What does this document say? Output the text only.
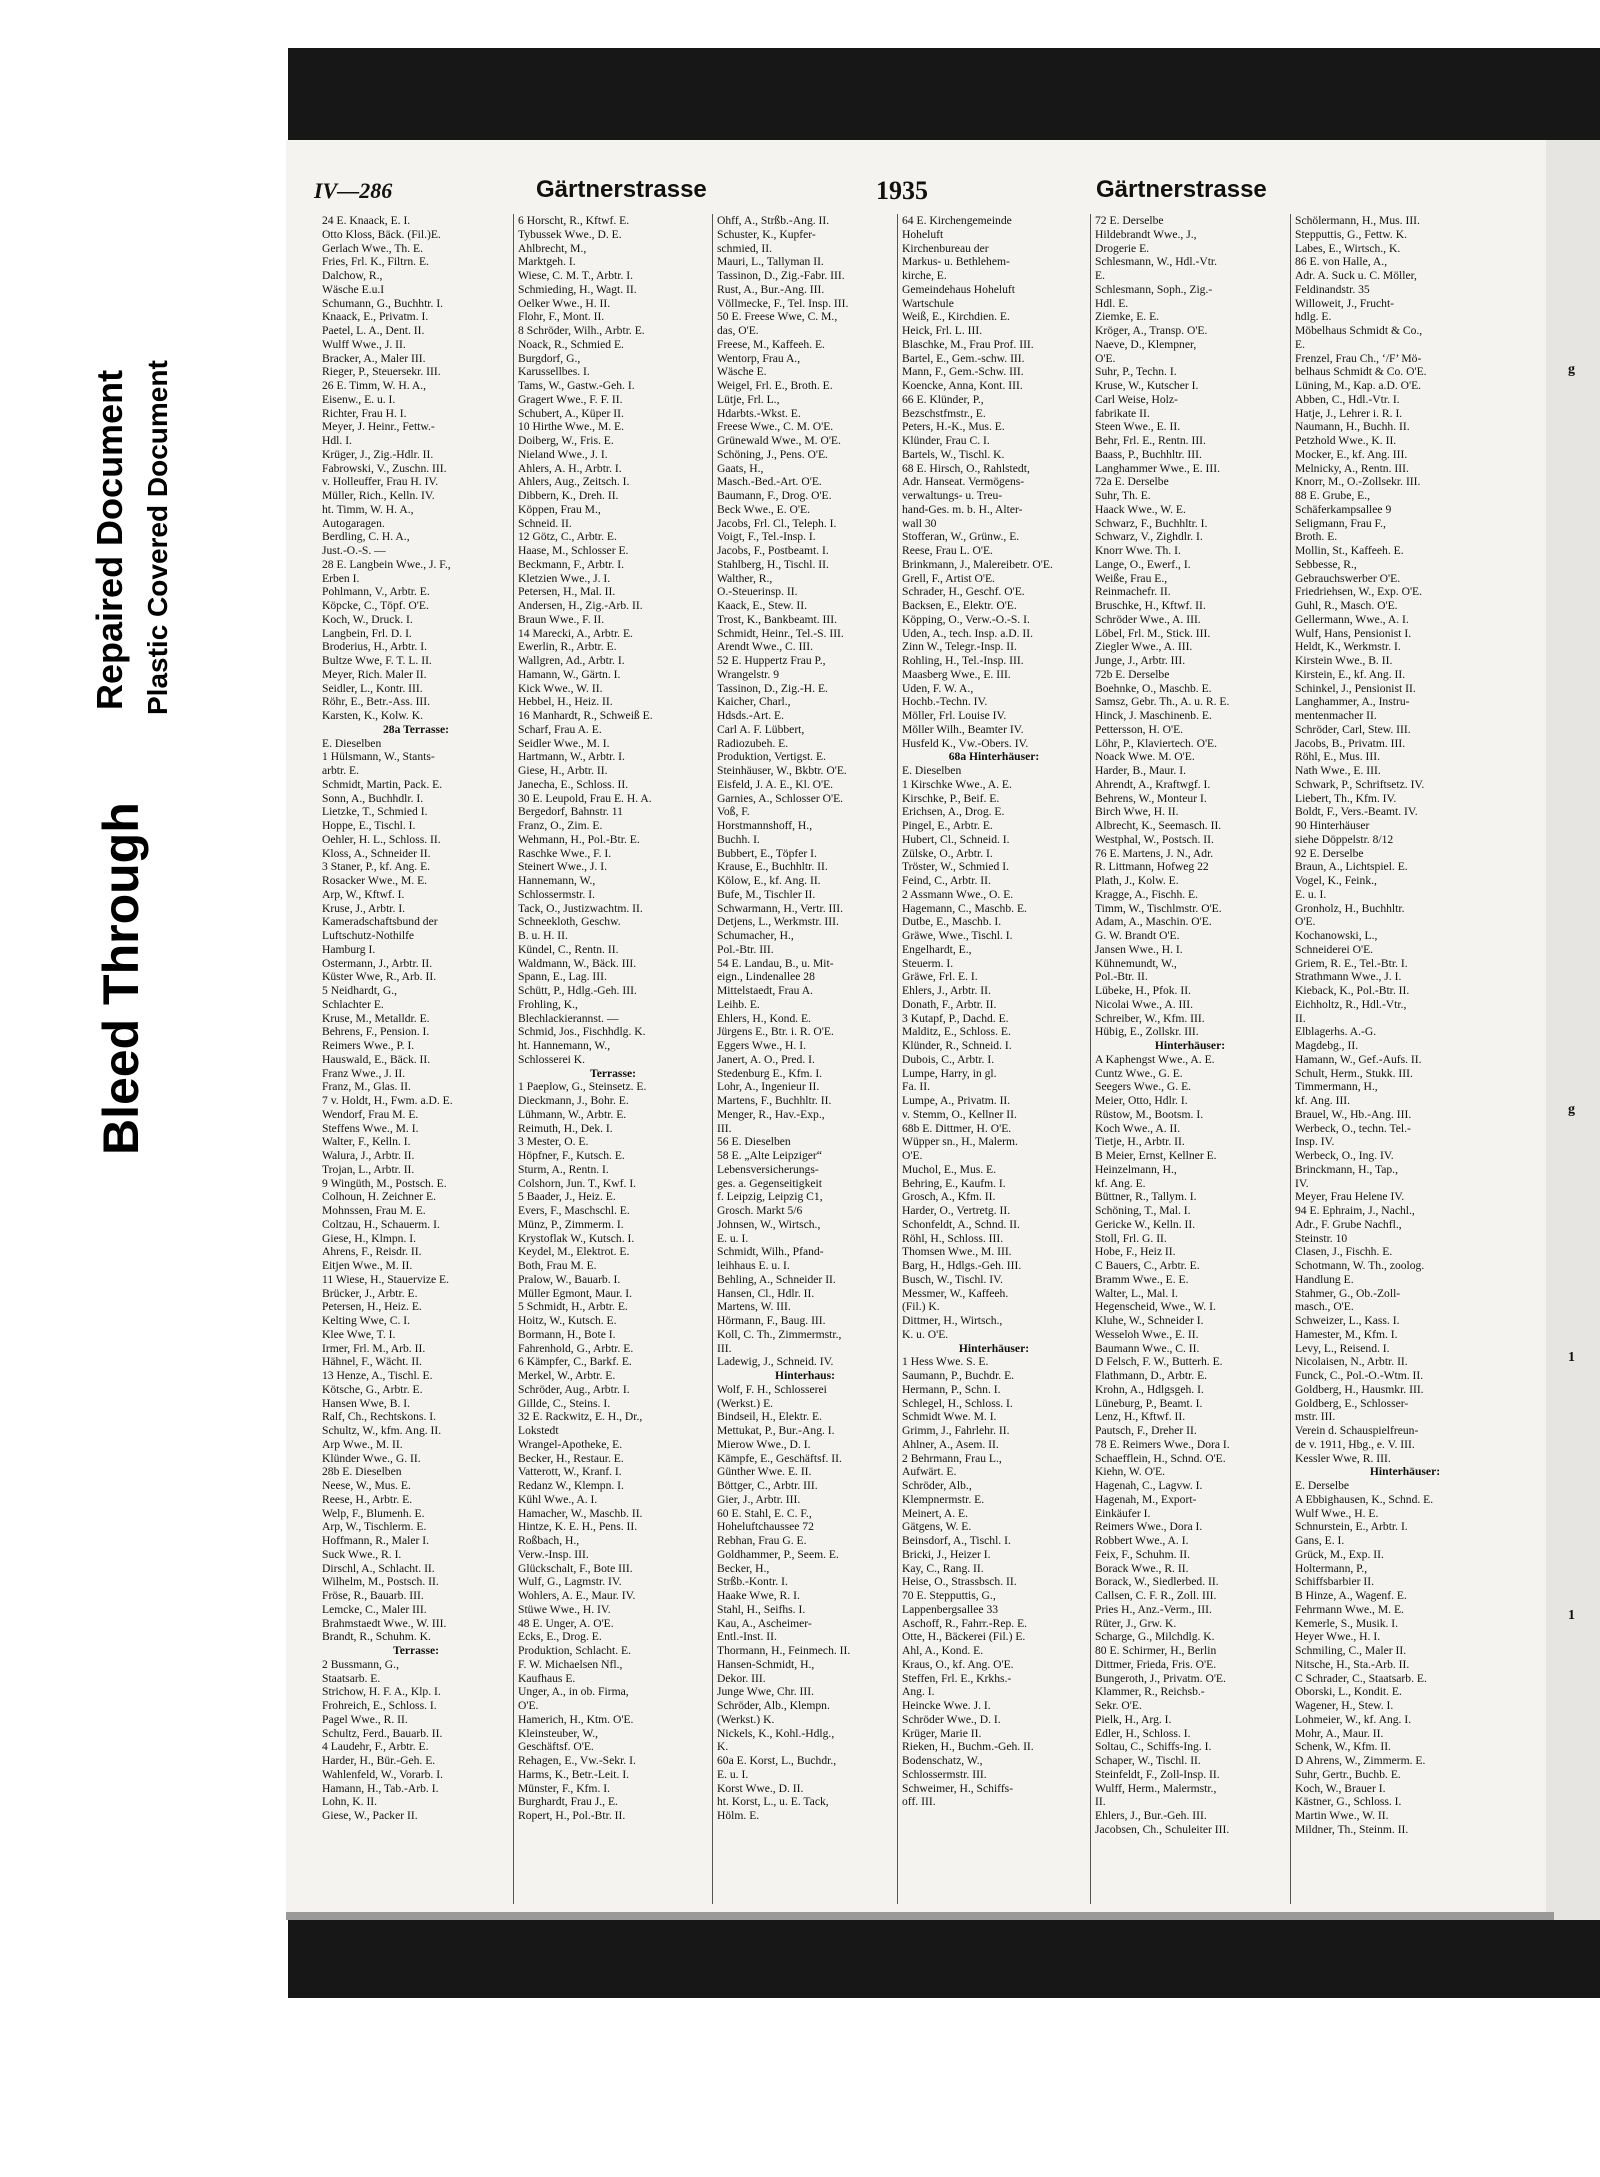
Bleed Through
Repaired Document Plastic Covered Document	g
g
1
1
IV—286	Gärtnerstrasse	1935	Gärtnerstrasse
24 E. Knaack, E. I.
Otto Kloss, Bäck. (Fil.)E.
Gerlach Wwe., Th. E.
Fries, Frl. K., Filtrn. E.
Dalchow, R.,
Wäsche E.u.I
Schumann, G., Buchhtr. I.
Knaack, E., Privatm. I.
Paetel, L. A., Dent. II.
Wulff Wwe., J. II.
Bracker, A., Maler III.
Rieger, P., Steuersekr. III.
26 E. Timm, W. H. A.,
Eisenw., E. u. I.
Richter, Frau H. I.
Meyer, J. Heinr., Fettw.-
Hdl. I.
Krüger, J., Zig.-Hdlr. II.
Fabrowski, V., Zuschn. III.
v. Holleuffer, Frau H. IV.
Müller, Rich., Kelln. IV.
ht. Timm, W. H. A.,
Autogaragen.
Berdling, C. H. A.,
Just.-O.-S. —
28 E. Langbein Wwe., J. F.,
Erben I.
Pohlmann, V., Arbtr. E.
Köpcke, C., Töpf. O'E.
Koch, W., Druck. I.
Langbein, Frl. D. I.
Broderius, H., Arbtr. I.
Bultze Wwe, F. T. L. II.
Meyer, Rich. Maler II.
Seidler, L., Kontr. III.
Röhr, E., Betr.-Ass. III.
Karsten, K., Kolw. K.
28a Terrasse:
E. Dieselben
1 Hülsmann, W., Stants-
arbtr. E.
Schmidt, Martin, Pack. E.
Sonn, A., Buchhdlr. I.
Lietzke, T., Schmied I.
Hoppe, E., Tischl. I.
Oehler, H. L., Schloss. II.
Kloss, A., Schneider II.
3 Staner, P., kf. Ang. E.
Rosacker Wwe., M. E.
Arp, W., Kftwf. I.
Kruse, J., Arbtr. I.
Kameradschaftsbund der
Luftschutz-Nothilfe
Hamburg I.
Ostermann, J., Arbtr. II.
Küster Wwe, R., Arb. II.
5 Neidhardt, G.,
Schlachter E.
Kruse, M., Metalldr. E.
Behrens, F., Pension. I.
Reimers Wwe., P. I.
Hauswald, E., Bäck. II.
Franz Wwe., J. II.
Franz, M., Glas. II.
7 v. Holdt, H., Fwm. a.D. E.
Wendorf, Frau M. E.
Steffens Wwe., M. I.
Walter, F., Kelln. I.
Walura, J., Arbtr. II.
Trojan, L., Arbtr. II.
9 Wingüth, M., Postsch. E.
Colhoun, H. Zeichner E.
Mohnssen, Frau M. E.
Coltzau, H., Schauerm. I.
Giese, H., Klmpn. I.
Ahrens, F., Reisdr. II.
Eitjen Wwe., M. II.
11 Wiese, H., Stauervize E.
Brücker, J., Arbtr. E.
Petersen, H., Heiz. E.
Kelting Wwe, C. I.
Klee Wwe, T. I.
Irmer, Frl. M., Arb. II.
Hähnel, F., Wächt. II.
13 Henze, A., Tischl. E.
Kötsche, G., Arbtr. E.
Hansen Wwe, B. I.
Ralf, Ch., Rechtskons. I.
Schultz, W., kfm. Ang. II.
Arp Wwe., M. II.
Klünder Wwe., G. II.
28b E. Dieselben
Neese, W., Mus. E.
Reese, H., Arbtr. E.
Welp, F., Blumenh. E.
Arp, W., Tischlerm. E.
Hoffmann, R., Maler I.
Suck Wwe., R. I.
Dirschl, A., Schlacht. II.
Wilhelm, M., Postsch. II.
Fröse, R., Bauarb. III.
Lemcke, C., Maler III.
Brahmstaedt Wwe., W. III.
Brandt, R., Schuhm. K.
Terrasse:
2 Bussmann, G.,
Staatsarb. E.
Strichow, H. F. A., Klp. I.
Frohreich, E., Schloss. I.
Pagel Wwe., R. II.
Schultz, Ferd., Bauarb. II.
4 Laudehr, F., Arbtr. E.
Harder, H., Bür.-Geh. E.
Wahlenfeld, W., Vorarb. I.
Hamann, H., Tab.-Arb. I.
Lohn, K. II.
Giese, W., Packer II.
6 Horscht, R., Kftwf. E.
Tybussek Wwe., D. E.
Ahlbrecht, M.,
Marktgeh. I.
Wiese, C. M. T., Arbtr. I.
Schmieding, H., Wagt. II.
Oelker Wwe., H. II.
Flohr, F., Mont. II.
8 Schröder, Wilh., Arbtr. E.
Noack, R., Schmied E.
Burgdorf, G.,
Karussellbes. I.
Tams, W., Gastw.-Geh. I.
Gragert Wwe., F. F. II.
Schubert, A., Küper II.
10 Hirthe Wwe., M. E.
Doiberg, W., Fris. E.
Nieland Wwe., J. I.
Ahlers, A. H., Arbtr. I.
Ahlers, Aug., Zeitsch. I.
Dibbern, K., Dreh. II.
Köppen, Frau M.,
Schneid. II.
12 Götz, C., Arbtr. E.
Haase, M., Schlosser E.
Beckmann, F., Arbtr. I.
Kletzien Wwe., J. I.
Petersen, H., Mal. II.
Andersen, H., Zig.-Arb. II.
Braun Wwe., F. II.
14 Marecki, A., Arbtr. E.
Ewerlin, R., Arbtr. E.
Wallgren, Ad., Arbtr. I.
Hamann, W., Gärtn. I.
Kick Wwe., W. II.
Hebbel, H., Heiz. II.
16 Manhardt, R., Schweiß E.
Scharf, Frau A. E.
Seidler Wwe., M. I.
Hartmann, W., Arbtr. I.
Giese, H., Arbtr. II.
Janecha, E., Schloss. II.
30 E. Leupold, Frau E. H. A.
Bergedorf, Bahnstr. 11
Franz, O., Zim. E.
Wehmann, H., Pol.-Btr. E.
Raschke Wwe., F. I.
Steinert Wwe., J. I.
Hannemann, W.,
Schlossermstr. I.
Tack, O., Justizwachtm. II.
Schneekloth, Geschw.
B. u. H. II.
Kündel, C., Rentn. II.
Waldmann, W., Bäck. III.
Spann, E., Lag. III.
Schütt, P., Hdlg.-Geh. III.
Frohling, K.,
Blechlackierannst. —
Schmid, Jos., Fischhdlg. K.
ht. Hannemann, W.,
Schlosserei K.
Terrasse:
1 Paeplow, G., Steinsetz. E.
Dieckmann, J., Bohr. E.
Lühmann, W., Arbtr. E.
Reimuth, H., Dek. I.
3 Mester, O. E.
Höpfner, F., Kutsch. E.
Sturm, A., Rentn. I.
Colshorn, Jun. T., Kwf. I.
5 Baader, J., Heiz. E.
Evers, F., Maschschl. E.
Münz, P., Zimmerm. I.
Krystoflak W., Kutsch. I.
Keydel, M., Elektrot. E.
Both, Frau M. E.
Pralow, W., Bauarb. I.
Müller Egmont, Maur. I.
5 Schmidt, H., Arbtr. E.
Hoitz, W., Kutsch. E.
Bormann, H., Bote I.
Fahrenhold, G., Arbtr. E.
6 Kämpfer, C., Barkf. E.
Merkel, W., Arbtr. E.
Schröder, Aug., Arbtr. I.
Gillde, C., Steins. I.
32 E. Rackwitz, E. H., Dr.,
Lokstedt
Wrangel-Apotheke, E.
Becker, H., Restaur. E.
Vatterott, W., Kranf. I.
Redanz W., Klempn. I.
Kühl Wwe., A. I.
Hamacher, W., Maschb. II.
Hintze, K. E. H., Pens. II.
Roßbach, H.,
Verw.-Insp. III.
Glückschalt, F., Bote III.
Wulf, G., Lagmstr. IV.
Wohlers, A. E., Maur. IV.
Stüwe Wwe., H. IV.
48 E. Unger, A. O'E.
Ecks, E., Drog. E.
Produktion, Schlacht. E.
F. W. Michaelsen Nfl.,
Kaufhaus E.
Unger, A., in ob. Firma,
O'E.
Hamerich, H., Ktm. O'E.
Kleinsteuber, W.,
Geschäftsf. O'E.
Rehagen, E., Vw.-Sekr. I.
Harms, K., Betr.-Leit. I.
Münster, F., Kfm. I.
Burghardt, Frau J., E.
Ropert, H., Pol.-Btr. II.
Ohff, A., Strßb.-Ang. II.
Schuster, K., Kupfer-
schmied, II.
Mauri, L., Tallyman II.
Tassinon, D., Zig.-Fabr. III.
Rust, A., Bur.-Ang. III.
Völlmecke, F., Tel. Insp. III.
50 E. Freese Wwe, C. M.,
das, O'E.
Freese, M., Kaffeeh. E.
Wentorp, Frau A.,
Wäsche E.
Weigel, Frl. E., Broth. E.
Lütje, Frl. L.,
Hdarbts.-Wkst. E.
Freese Wwe., C. M. O'E.
Grünewald Wwe., M. O'E.
Schöning, J., Pens. O'E.
Gaats, H.,
Masch.-Bed.-Art. O'E.
Baumann, F., Drog. O'E.
Beck Wwe., E. O'E.
Jacobs, Frl. Cl., Teleph. I.
Voigt, F., Tel.-Insp. I.
Jacobs, F., Postbeamt. I.
Stahlberg, H., Tischl. II.
Walther, R.,
O.-Steuerinsp. II.
Kaack, E., Stew. II.
Trost, K., Bankbeamt. III.
Schmidt, Heinr., Tel.-S. III.
Arendt Wwe., C. III.
52 E. Huppertz Frau P.,
Wrangelstr. 9
Tassinon, D., Zig.-H. E.
Kaicher, Charl.,
Hdsds.-Art. E.
Carl A. F. Lübbert,
Radiozubeh. E.
Produktion, Vertigst. E.
Steinhäuser, W., Bkbtr. O'E.
Eisfeld, J. A. E., Kl. O'E.
Garnies, A., Schlosser O'E.
Voß, F.
Horstmannshoff, H.,
Buchh. I.
Bubbert, E., Töpfer I.
Krause, E., Buchhltr. II.
Kölow, E., kf. Ang. II.
Bufe, M., Tischler II.
Schwarmann, H., Vertr. III.
Detjens, L., Werkmstr. III.
Schumacher, H.,
Pol.-Btr. III.
54 E. Landau, B., u. Mit-
eign., Lindenallee 28
Mittelstaedt, Frau A.
Leihb. E.
Ehlers, H., Kond. E.
Jürgens E., Btr. i. R. O'E.
Eggers Wwe., H. I.
Janert, A. O., Pred. I.
Stedenburg E., Kfm. I.
Lohr, A., Ingenieur II.
Martens, F., Buchhltr. II.
Menger, R., Hav.-Exp.,
III.
56 E. Dieselben
58 E. „Alte Leipziger“
Lebensversicherungs-
ges. a. Gegenseitigkeit
f. Leipzig, Leipzig C1,
Grosch. Markt 5/6
Johnsen, W., Wirtsch.,
E. u. I.
Schmidt, Wilh., Pfand-
leihhaus E. u. I.
Behling, A., Schneider II.
Hansen, Cl., Hdlr. II.
Martens, W. III.
Hörmann, F., Baug. III.
Koll, C. Th., Zimmermstr.,
III.
Ladewig, J., Schneid. IV.
Hinterhaus:
Wolf, F. H., Schlosserei
(Werkst.) E.
Bindseil, H., Elektr. E.
Mettukat, P., Bur.-Ang. I.
Mierow Wwe., D. I.
Kämpfe, E., Geschäftsf. II.
Günther Wwe. E. II.
Böttger, C., Arbtr. III.
Gier, J., Arbtr. III.
60 E. Stahl, E. C. F.,
Hoheluftchaussee 72
Rebhan, Frau G. E.
Goldhammer, P., Seem. E.
Becker, H.,
Strßb.-Kontr. I.
Haake Wwe, R. I.
Stahl, H., Seifhs. I.
Kau, A., Ascheimer-
Entl.-Inst. II.
Thormann, H., Feinmech. II.
Hansen-Schmidt, H.,
Dekor. III.
Junge Wwe, Chr. III.
Schröder, Alb., Klempn.
(Werkst.) K.
Nickels, K., Kohl.-Hdlg.,
K.
60a E. Korst, L., Buchdr.,
E. u. I.
Korst Wwe., D. II.
ht. Korst, L., u. E. Tack,
Hölm. E.
64 E. Kirchengemeinde
Hoheluft
Kirchenbureau der
Markus- u. Bethlehem-
kirche, E.
Gemeindehaus Hoheluft
Wartschule
Weiß, E., Kirchdien. E.
Heick, Frl. L. III.
Blaschke, M., Frau Prof. III.
Bartel, E., Gem.-schw. III.
Mann, F., Gem.-Schw. III.
Koencke, Anna, Kont. III.
66 E. Klünder, P.,
Bezschstfmstr., E.
Peters, H.-K., Mus. E.
Klünder, Frau C. I.
Bartels, W., Tischl. K.
68 E. Hirsch, O., Rahlstedt,
Adr. Hanseat. Vermögens-
verwaltungs- u. Treu-
hand-Ges. m. b. H., Alter-
wall 30
Stofferan, W., Grünw., E.
Reese, Frau L. O'E.
Brinkmann, J., Malereibetr. O'E.
Grell, F., Artist O'E.
Schrader, H., Geschf. O'E.
Backsen, E., Elektr. O'E.
Köpping, O., Verw.-O.-S. I.
Uden, A., tech. Insp. a.D. II.
Zinn W., Telegr.-Insp. II.
Rohling, H., Tel.-Insp. III.
Maasberg Wwe., E. III.
Uden, F. W. A.,
Hochb.-Techn. IV.
Möller, Frl. Louise IV.
Möller Wilh., Beamter IV.
Husfeld K., Vw.-Obers. IV.
68a Hinterhäuser:
E. Dieselben
1 Kirschke Wwe., A. E.
Kirschke, P., Beif. E.
Erichsen, A., Drog. E.
Pingel, E., Arbtr. E.
Hubert, Cl., Schneid. I.
Zülske, O., Arbtr. I.
Tröster, W., Schmied I.
Feind, C., Arbtr. II.
2 Assmann Wwe., O. E.
Hagemann, C., Maschb. E.
Dutbe, E., Maschb. I.
Gräwe, Wwe., Tischl. I.
Engelhardt, E.,
Steuerm. I.
Gräwe, Frl. E. I.
Ehlers, J., Arbtr. II.
Donath, F., Arbtr. II.
3 Kutapf, P., Dachd. E.
Malditz, E., Schloss. E.
Klünder, R., Schneid. I.
Dubois, C., Arbtr. I.
Lumpe, Harry, in gl.
Fa. II.
Lumpe, A., Privatm. II.
v. Stemm, O., Kellner II.
68b E. Dittmer, H. O'E.
Wüpper sn., H., Malerm.
O'E.
Muchol, E., Mus. E.
Behring, E., Kaufm. I.
Grosch, A., Kfm. II.
Harder, O., Vertretg. II.
Schonfeldt, A., Schnd. II.
Röhl, H., Schloss. III.
Thomsen Wwe., M. III.
Barg, H., Hdlgs.-Geh. III.
Busch, W., Tischl. IV.
Messmer, W., Kaffeeh.
(Fil.) K.
Dittmer, H., Wirtsch.,
K. u. O'E.
Hinterhäuser:
1 Hess Wwe. S. E.
Saumann, P., Buchdr. E.
Hermann, P., Schn. I.
Schlegel, H., Schloss. I.
Schmidt Wwe. M. I.
Grimm, J., Fahrlehr. II.
Ahlner, A., Asem. II.
2 Behrmann, Frau L.,
Aufwärt. E.
Schröder, Alb.,
Klempnermstr. E.
Meinert, A. E.
Gätgens, W. E.
Beinsdorf, A., Tischl. I.
Bricki, J., Heizer I.
Kay, C., Rang. II.
Heise, O., Strassbsch. II.
70 E. Stepputtis, G.,
Lappenbergsallee 33
Aschoff, R., Fahrr.-Rep. E.
Otte, H., Bäckerei (Fil.) E.
Ahl, A., Kond. E.
Kraus, O., kf. Ang. O'E.
Steffen, Frl. E., Krkhs.-
Ang. I.
Heincke Wwe. J. I.
Schröder Wwe., D. I.
Krüger, Marie II.
Rieken, H., Buchm.-Geh. II.
Bodenschatz, W.,
Schlossermstr. III.
Schweimer, H., Schiffs-
off. III.
72 E. Derselbe
Hildebrandt Wwe., J.,
Drogerie E.
Schlesmann, W., Hdl.-Vtr.
E.
Schlesmann, Soph., Zig.-
Hdl. E.
Ziemke, E. E.
Kröger, A., Transp. O'E.
Naeve, D., Klempner,
O'E.
Suhr, P., Techn. I.
Kruse, W., Kutscher I.
Carl Weise, Holz-
fabrikate II.
Steen Wwe., E. II.
Behr, Frl. E., Rentn. III.
Baass, P., Buchhltr. III.
Langhammer Wwe., E. III.
72a E. Derselbe
Suhr, Th. E.
Haack Wwe., W. E.
Schwarz, F., Buchhltr. I.
Schwarz, V., Zighdlr. I.
Knorr Wwe. Th. I.
Lange, O., Ewerf., I.
Weiße, Frau E.,
Reinmachefr. II.
Bruschke, H., Kftwf. II.
Schröder Wwe., A. III.
Löbel, Frl. M., Stick. III.
Ziegler Wwe., A. III.
Junge, J., Arbtr. III.
72b E. Derselbe
Boehnke, O., Maschb. E.
Samsz, Gebr. Th., A. u. R. E.
Hinck, J. Maschinenb. E.
Pettersson, H. O'E.
Löhr, P., Klaviertech. O'E.
Noack Wwe. M. O'E.
Harder, B., Maur. I.
Ahrendt, A., Kraftwgf. I.
Behrens, W., Monteur I.
Birch Wwe, H. II.
Albrecht, K., Seemasch. II.
Westphal, W., Postsch. II.
76 E. Martens, J. N., Adr.
R. Littmann, Hofweg 22
Plath, J., Kolw. E.
Kragge, A., Fischh. E.
Timm, W., Tischlmstr. O'E.
Adam, A., Maschin. O'E.
G. W. Brandt O'E.
Jansen Wwe., H. I.
Kühnemundt, W.,
Pol.-Btr. II.
Lübeke, H., Pfok. II.
Nicolai Wwe., A. III.
Schreiber, W., Kfm. III.
Hübig, E., Zollskr. III.
Hinterhäuser:
A Kaphengst Wwe., A. E.
Cuntz Wwe., G. E.
Seegers Wwe., G. E.
Meier, Otto, Hdlr. I.
Rüstow, M., Bootsm. I.
Koch Wwe., A. II.
Tietje, H., Arbtr. II.
B Meier, Ernst, Kellner E.
Heinzelmann, H.,
kf. Ang. E.
Büttner, R., Tallym. I.
Schöning, T., Mal. I.
Gericke W., Kelln. II.
Stoll, Frl. G. II.
Hobe, F., Heiz II.
C Bauers, C., Arbtr. E.
Bramm Wwe., E. E.
Walter, L., Mal. I.
Hegenscheid, Wwe., W. I.
Kluhe, W., Schneider I.
Wesseloh Wwe., E. II.
Baumann Wwe., C. II.
D Felsch, F. W., Butterh. E.
Flathmann, D., Arbtr. E.
Krohn, A., Hdlgsgeh. I.
Lüneburg, P., Beamt. I.
Lenz, H., Kftwf. II.
Pautsch, F., Dreher II.
78 E. Reimers Wwe., Dora I.
Schaefflein, H., Schnd. O'E.
Kiehn, W. O'E.
Hagenah, C., Lagvw. I.
Hagenah, M., Export-
Einkäufer I.
Reimers Wwe., Dora I.
Robbert Wwe., A. I.
Feix, F., Schuhm. II.
Borack Wwe., R. II.
Borack, W., Siedlerbed. II.
Callsen, C. F. R., Zoll. III.
Pries H., Anz.-Verm., III.
Rüter, J., Grw. K.
Scharge, G., Milchdlg. K.
80 E. Schirmer, H., Berlin
Dittmer, Frieda, Fris. O'E.
Bungeroth, J., Privatm. O'E.
Klammer, R., Reichsb.-
Sekr. O'E.
Pielk, H., Arg. I.
Edler, H., Schloss. I.
Soltau, C., Schiffs-Ing. I.
Schaper, W., Tischl. II.
Steinfeldt, F., Zoll-Insp. II.
Wulff, Herm., Malermstr.,
II.
Ehlers, J., Bur.-Geh. III.
Jacobsen, Ch., Schuleiter III.
Schölermann, H., Mus. III.
Stepputtis, G., Fettw. K.
Labes, E., Wirtsch., K.
86 E. von Halle, A.,
Adr. A. Suck u. C. Möller,
Feldinandstr. 35
Willoweit, J., Frucht-
hdlg. E.
Möbelhaus Schmidt & Co.,
E.
Frenzel, Frau Ch., ‘/F’ Mö-
belhaus Schmidt & Co. O'E.
Lüning, M., Kap. a.D. O'E.
Abben, C., Hdl.-Vtr. I.
Hatje, J., Lehrer i. R. I.
Naumann, H., Buchh. II.
Petzhold Wwe., K. II.
Mocker, E., kf. Ang. III.
Melnicky, A., Rentn. III.
Knorr, M., O.-Zollsekr. III.
88 E. Grube, E.,
Schäferkampsallee 9
Seligmann, Frau F.,
Broth. E.
Mollin, St., Kaffeeh. E.
Sebbesse, R.,
Gebrauchswerber O'E.
Friedriehsen, W., Exp. O'E.
Guhl, R., Masch. O'E.
Gellermann, Wwe., A. I.
Wulf, Hans, Pensionist I.
Heldt, K., Werkmstr. I.
Kirstein Wwe., B. II.
Kirstein, E., kf. Ang. II.
Schinkel, J., Pensionist II.
Langhammer, A., Instru-
mentenmacher II.
Schröder, Carl, Stew. III.
Jacobs, B., Privatm. III.
Röhl, E., Mus. III.
Nath Wwe., E. III.
Schwark, P., Schriftsetz. IV.
Liebert, Th., Kfm. IV.
Boldt, F., Vers.-Beamt. IV.
90 Hinterhäuser
siehe Döppelstr. 8/12
92 E. Derselbe
Braun, A., Lichtspiel. E.
Vogel, K., Feink.,
E. u. I.
Gronholz, H., Buchhltr.
O'E.
Kochanowski, L.,
Schneiderei O'E.
Griem, R. E., Tel.-Btr. I.
Strathmann Wwe., J. I.
Kieback, K., Pol.-Btr. II.
Eichholtz, R., Hdl.-Vtr.,
II.
Elblagerhs. A.-G.
Magdebg., II.
Hamann, W., Gef.-Aufs. II.
Schult, Herm., Stukk. III.
Timmermann, H.,
kf. Ang. III.
Brauel, W., Hb.-Ang. III.
Werbeck, O., techn. Tel.-
Insp. IV.
Werbeck, O., Ing. IV.
Brinckmann, H., Tap.,
IV.
Meyer, Frau Helene IV.
94 E. Ephraim, J., Nachl.,
Adr., F. Grube Nachfl.,
Steinstr. 10
Clasen, J., Fischh. E.
Schotmann, W. Th., zoolog.
Handlung E.
Stahmer, G., Ob.-Zoll-
masch., O'E.
Schweizer, L., Kass. I.
Hamester, M., Kfm. I.
Levy, L., Reisend. I.
Nicolaisen, N., Arbtr. II.
Funck, C., Pol.-O.-Wtm. II.
Goldberg, H., Hausmkr. III.
Goldberg, E., Schlosser-
mstr. III.
Verein d. Schauspielfreun-
de v. 1911, Hbg., e. V. III.
Kessler Wwe, R. III.
Hinterhäuser:
E. Derselbe
A Ebbighausen, K., Schnd. E.
Wulf Wwe., H. E.
Schnurstein, E., Arbtr. I.
Gans, E. I.
Grück, M., Exp. II.
Holtermann, P.,
Schiffsbarbier II.
B Hinze, A., Wagenf. E.
Fehrmann Wwe., M. E.
Kemerle, S., Musik. I.
Heyer Wwe., H. I.
Schmiling, C., Maler II.
Nitsche, H., Sta.-Arb. II.
C Schrader, C., Staatsarb. E.
Oborski, L., Kondit. E.
Wagener, H., Stew. I.
Lohmeier, W., kf. Ang. I.
Mohr, A., Maur. II.
Schenk, W., Kfm. II.
D Ahrens, W., Zimmerm. E.
Suhr, Gertr., Buchb. E.
Koch, W., Brauer I.
Kästner, G., Schloss. I.
Martin Wwe., W. II.
Mildner, Th., Steinm. II.
